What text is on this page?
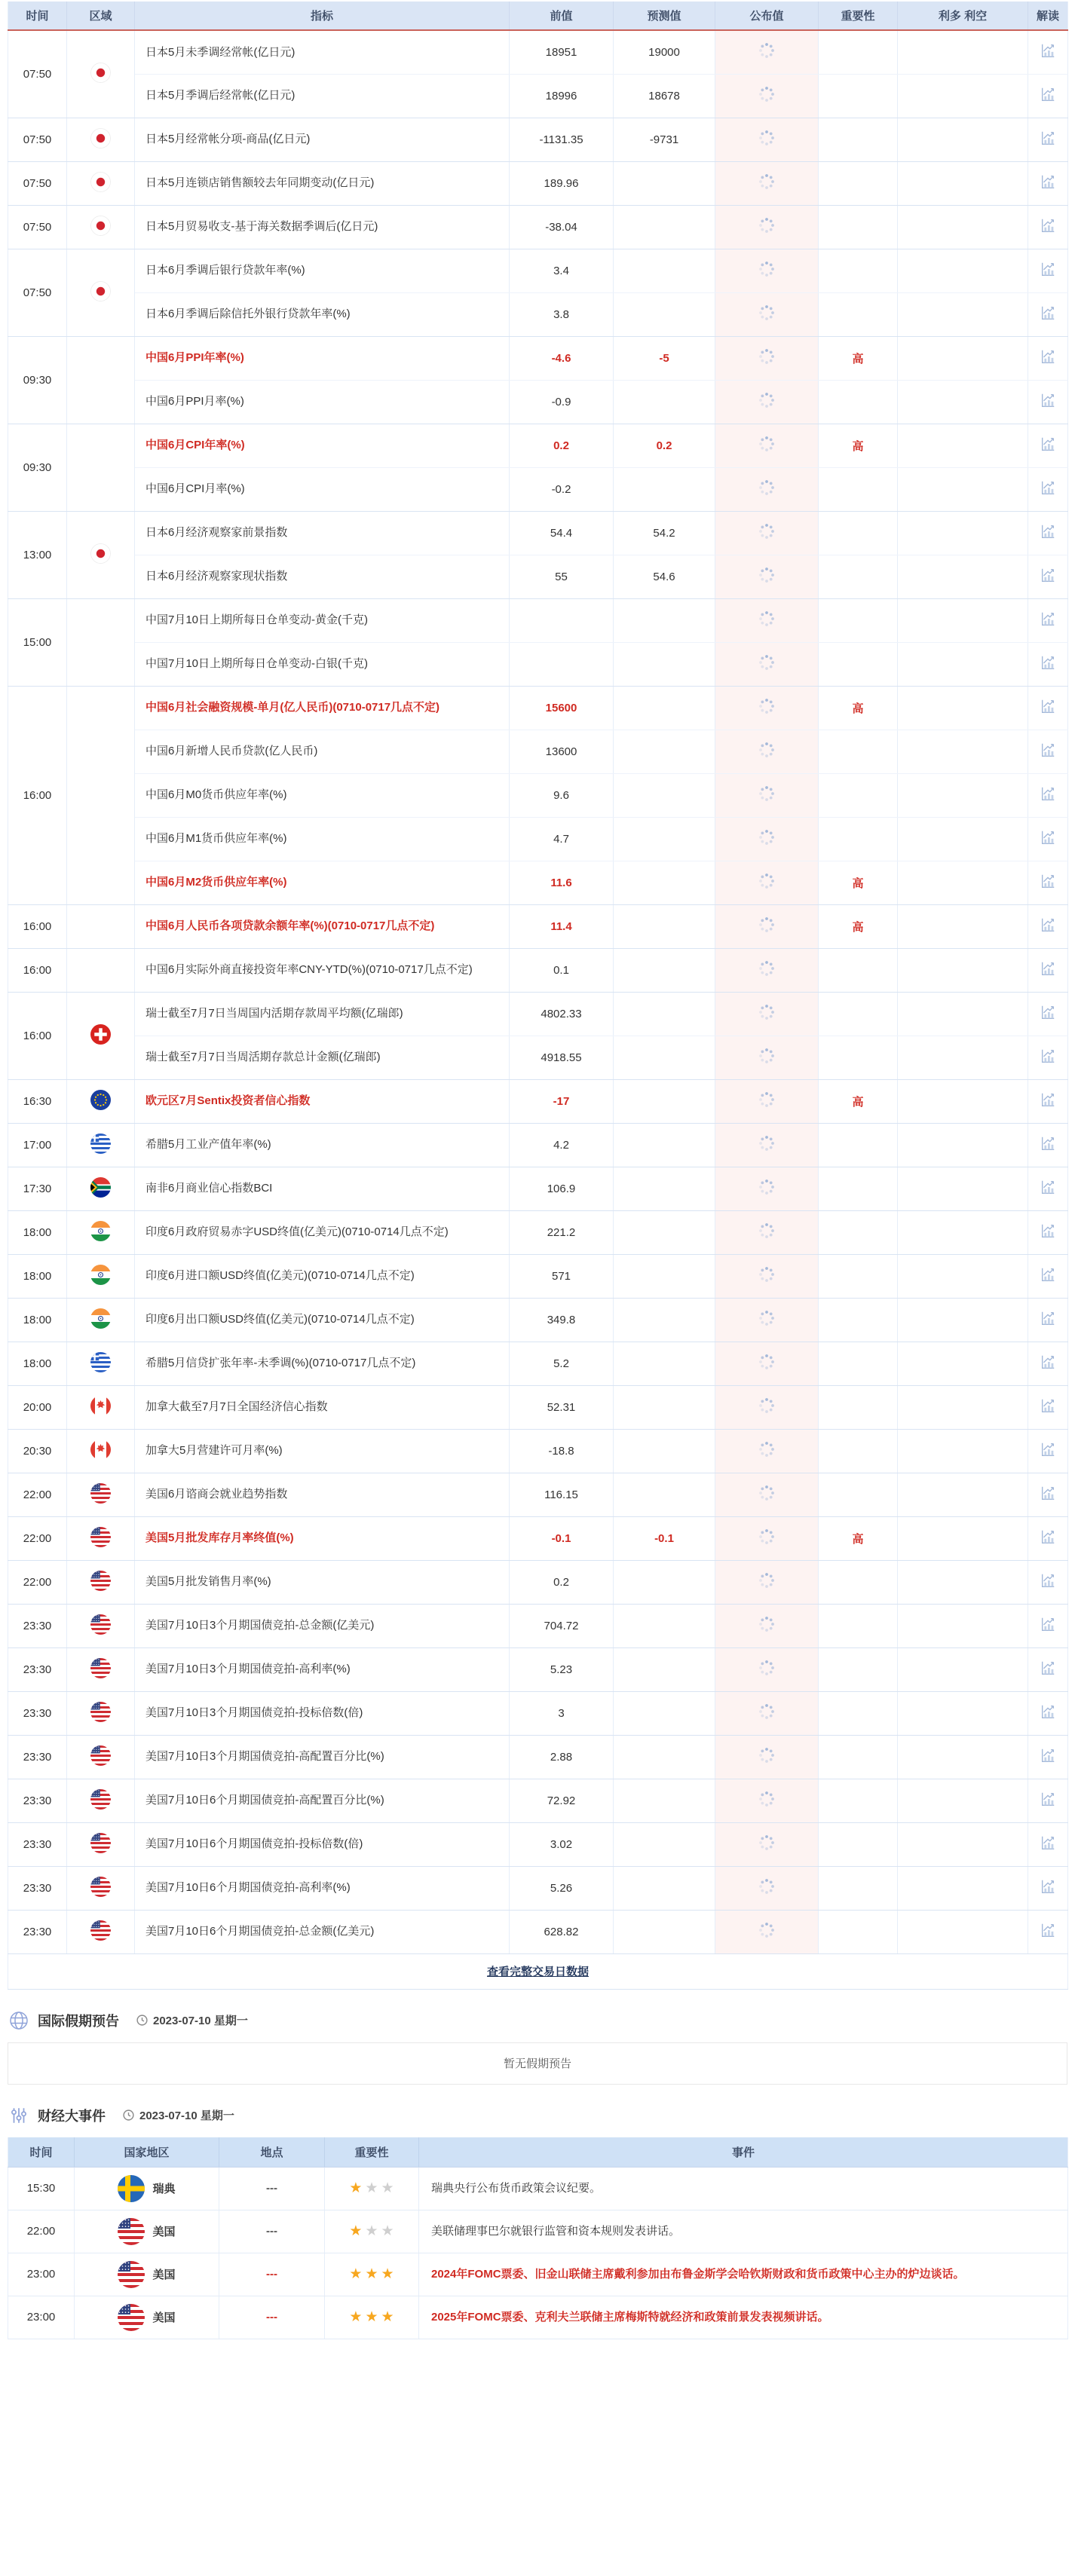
时间	区域	指标	前值	预测值	公布值	重要性	利多 利空	解读
07:50		日本5月未季调经常帐(亿日元)	18951	19000				
		日本5月季调后经常帐(亿日元)	18996	18678				
07:50		日本5月经常帐分项-商品(亿日元)	-1131.35	-9731				
07:50		日本5月连锁店销售额较去年同期变动(亿日元)	189.96					
07:50		日本5月贸易收支-基于海关数据季调后(亿日元)	-38.04					
07:50		日本6月季调后银行贷款年率(%)	3.4					
		日本6月季调后除信托外银行贷款年率(%)	3.8					
09:30		中国6月PPI年率(%)	-4.6	-5		高		
		中国6月PPI月率(%)	-0.9					
09:30		中国6月CPI年率(%)	0.2	0.2		高		
		中国6月CPI月率(%)	-0.2					
13:00		日本6月经济观察家前景指数	54.4	54.2				
		日本6月经济观察家现状指数	55	54.6				
15:00		中国7月10日上期所每日仓单变动-黄金(千克)						
		中国7月10日上期所每日仓单变动-白银(千克)						
16:00		中国6月社会融资规模-单月(亿人民币)(0710-0717几点不定)	15600			高		
		中国6月新增人民币贷款(亿人民币)	13600					
		中国6月M0货币供应年率(%)	9.6					
		中国6月M1货币供应年率(%)	4.7					
		中国6月M2货币供应年率(%)	11.6			高		
16:00		中国6月人民币各项贷款余额年率(%)(0710-0717几点不定)	11.4			高		
16:00		中国6月实际外商直接投资年率CNY-YTD(%)(0710-0717几点不定)	0.1					
16:00		瑞士截至7月7日当周国内活期存款周平均额(亿瑞郎)	4802.33					
		瑞士截至7月7日当周活期存款总计金额(亿瑞郎)	4918.55					
16:30		欧元区7月Sentix投资者信心指数	-17			高		
17:00		希腊5月工业产值年率(%)	4.2					
17:30		南非6月商业信心指数BCI	106.9					
18:00		印度6月政府贸易赤字USD终值(亿美元)(0710-0714几点不定)	221.2					
18:00		印度6月进口额USD终值(亿美元)(0710-0714几点不定)	571					
18:00		印度6月出口额USD终值(亿美元)(0710-0714几点不定)	349.8					
18:00		希腊5月信贷扩张年率-未季调(%)(0710-0717几点不定)	5.2					
20:00		加拿大截至7月7日全国经济信心指数	52.31					
20:30		加拿大5月营建许可月率(%)	-18.8					
22:00		美国6月谘商会就业趋势指数	116.15					
22:00		美国5月批发库存月率终值(%)	-0.1	-0.1		高		
22:00		美国5月批发销售月率(%)	0.2					
23:30		美国7月10日3个月期国债竞拍-总金额(亿美元)	704.72					
23:30		美国7月10日3个月期国债竞拍-高利率(%)	5.23					
23:30		美国7月10日3个月期国债竞拍-投标倍数(倍)	3					
23:30		美国7月10日3个月期国债竞拍-高配置百分比(%)	2.88					
23:30		美国7月10日6个月期国债竞拍-高配置百分比(%)	72.92					
23:30		美国7月10日6个月期国债竞拍-投标倍数(倍)	3.02					
23:30		美国7月10日6个月期国债竞拍-高利率(%)	5.26					
23:30		美国7月10日6个月期国债竞拍-总金额(亿美元)	628.82					
查看完整交易日数据								
国际假期预告	2023-07-10 星期一
暂无假期预告
财经大事件	2023-07-10 星期一
时间	国家地区	地点	重要性	事件
15:30	瑞典	---	★ ★ ★	瑞典央行公布货币政策会议纪要。
22:00	美国	---	★ ★ ★	美联储理事巴尔就银行监管和资本规则发表讲话。
23:00	美国	---	★ ★ ★	2024年FOMC票委、旧金山联储主席戴利参加由布鲁金斯学会哈钦斯财政和货币政策中心主办的炉边谈话。
23:00	美国	---	★ ★ ★	2025年FOMC票委、克利夫兰联储主席梅斯特就经济和政策前景发表视频讲话。
